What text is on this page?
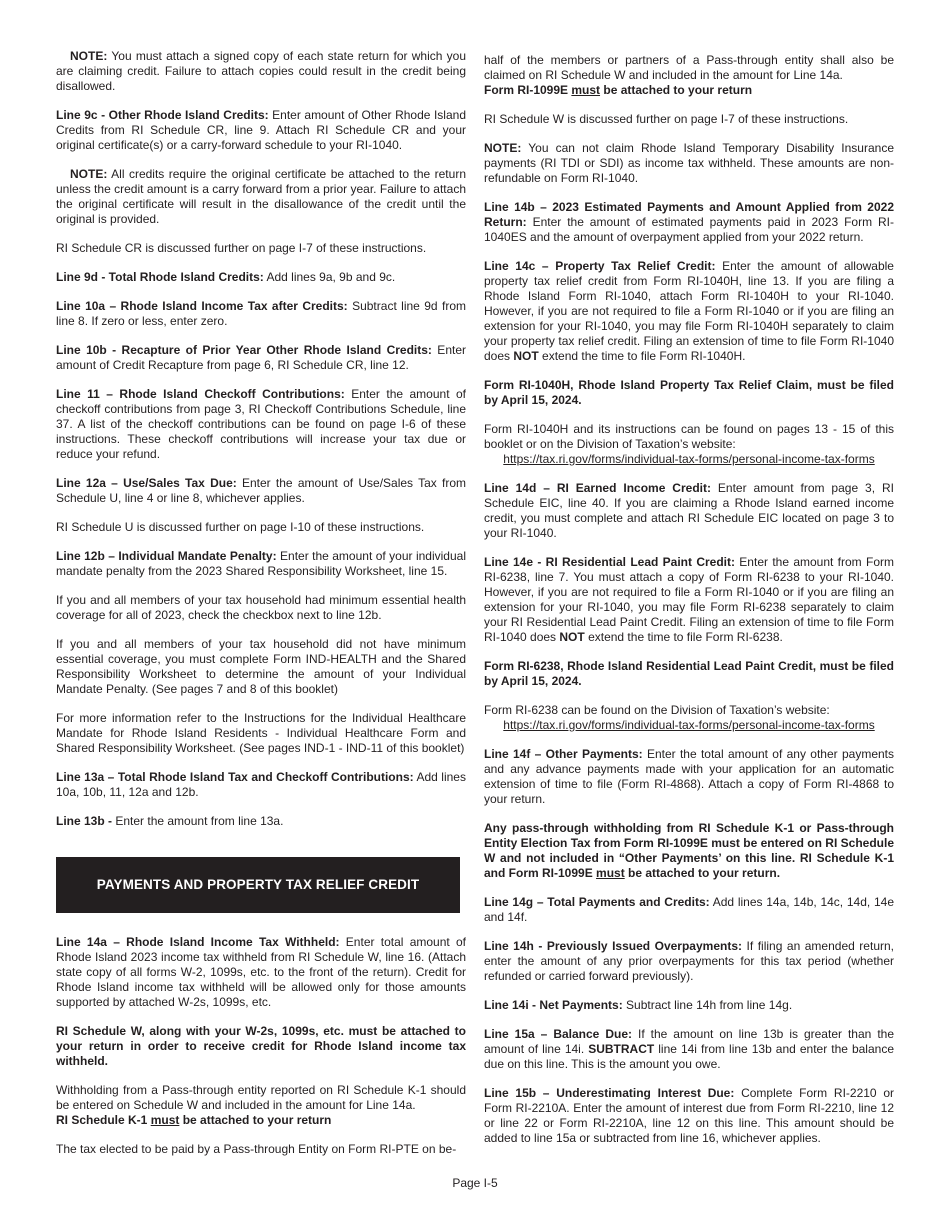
NOTE: You must attach a signed copy of each state return for which you are claiming credit. Failure to attach copies could result in the credit being disallowed.

Line 9c - Other Rhode Island Credits: Enter amount of Other Rhode Island Credits from RI Schedule CR, line 9. Attach RI Schedule CR and your original certificate(s) or a carry-forward schedule to your RI-1040.

NOTE: All credits require the original certificate be attached to the return unless the credit amount is a carry forward from a prior year. Failure to attach the original certificate will result in the disallowance of the credit until the original is provided.

RI Schedule CR is discussed further on page I-7 of these instructions.

Line 9d - Total Rhode Island Credits: Add lines 9a, 9b and 9c.

Line 10a – Rhode Island Income Tax after Credits: Subtract line 9d from line 8. If zero or less, enter zero.

Line 10b - Recapture of Prior Year Other Rhode Island Credits: Enter amount of Credit Recapture from page 6, RI Schedule CR, line 12.

Line 11 – Rhode Island Checkoff Contributions: Enter the amount of checkoff contributions from page 3, RI Checkoff Contributions Schedule, line 37. A list of the checkoff contributions can be found on page I-6 of these instructions. These checkoff contributions will increase your tax due or reduce your refund.

Line 12a – Use/Sales Tax Due: Enter the amount of Use/Sales Tax from Schedule U, line 4 or line 8, whichever applies.

RI Schedule U is discussed further on page I-10 of these instructions.

Line 12b – Individual Mandate Penalty: Enter the amount of your individual mandate penalty from the 2023 Shared Responsibility Worksheet, line 15.

If you and all members of your tax household had minimum essential health coverage for all of 2023, check the checkbox next to line 12b.

If you and all members of your tax household did not have minimum essential coverage, you must complete Form IND-HEALTH and the Shared Responsibility Worksheet to determine the amount of your Individual Mandate Penalty. (See pages 7 and 8 of this booklet)

For more information refer to the Instructions for the Individual Healthcare Mandate for Rhode Island Residents - Individual Healthcare Form and Shared Responsibility Worksheet. (See pages IND-1 - IND-11 of this booklet)

Line 13a – Total Rhode Island Tax and Checkoff Contributions: Add lines 10a, 10b, 11, 12a and 12b.

Line 13b - Enter the amount from line 13a.

PAYMENTS AND PROPERTY TAX RELIEF CREDIT

Line 14a – Rhode Island Income Tax Withheld: Enter total amount of Rhode Island 2023 income tax withheld from RI Schedule W, line 16. (Attach state copy of all forms W-2, 1099s, etc. to the front of the return). Credit for Rhode Island income tax withheld will be allowed only for those amounts supported by attached W-2s, 1099s, etc.

RI Schedule W, along with your W-2s, 1099s, etc. must be attached to your return in order to receive credit for Rhode Island income tax withheld.

Withholding from a Pass-through entity reported on RI Schedule K-1 should be entered on Schedule W and included in the amount for Line 14a.
RI Schedule K-1 must be attached to your return

The tax elected to be paid by a Pass-through Entity on Form RI-PTE on be-

half of the members or partners of a Pass-through entity shall also be claimed on RI Schedule W and included in the amount for Line 14a.
Form RI-1099E must be attached to your return

RI Schedule W is discussed further on page I-7 of these instructions.

NOTE: You can not claim Rhode Island Temporary Disability Insurance payments (RI TDI or SDI) as income tax withheld. These amounts are non-refundable on Form RI-1040.

Line 14b – 2023 Estimated Payments and Amount Applied from 2022 Return: Enter the amount of estimated payments paid in 2023 Form RI-1040ES and the amount of overpayment applied from your 2022 return.

Line 14c – Property Tax Relief Credit: Enter the amount of allowable property tax relief credit from Form RI-1040H, line 13. If you are filing a Rhode Island Form RI-1040, attach Form RI-1040H to your RI-1040. However, if you are not required to file a Form RI-1040 or if you are filing an extension for your RI-1040, you may file Form RI-1040H separately to claim your property tax relief credit. Filing an extension of time to file Form RI-1040 does NOT extend the time to file Form RI-1040H.

Form RI-1040H, Rhode Island Property Tax Relief Claim, must be filed by April 15, 2024.

Form RI-1040H and its instructions can be found on pages 13 - 15 of this booklet or on the Division of Taxation’s website:
https://tax.ri.gov/forms/individual-tax-forms/personal-income-tax-forms

Line 14d – RI Earned Income Credit: Enter amount from page 3, RI Schedule EIC, line 40. If you are claiming a Rhode Island earned income credit, you must complete and attach RI Schedule EIC located on page 3 to your RI-1040.

Line 14e - RI Residential Lead Paint Credit: Enter the amount from Form RI-6238, line 7. You must attach a copy of Form RI-6238 to your RI-1040. However, if you are not required to file a Form RI-1040 or if you are filing an extension for your RI-1040, you may file Form RI-6238 separately to claim your RI Residential Lead Paint Credit. Filing an extension of time to file Form RI-1040 does NOT extend the time to file Form RI-6238.

Form RI-6238, Rhode Island Residential Lead Paint Credit, must be filed by April 15, 2024.

Form RI-6238 can be found on the Division of Taxation’s website:
https://tax.ri.gov/forms/individual-tax-forms/personal-income-tax-forms

Line 14f – Other Payments: Enter the total amount of any other payments and any advance payments made with your application for an automatic extension of time to file (Form RI-4868). Attach a copy of Form RI-4868 to your return.

Any pass-through withholding from RI Schedule K-1 or Pass-through Entity Election Tax from Form RI-1099E must be entered on RI Schedule W and not included in “Other Payments’ on this line. RI Schedule K-1 and Form RI-1099E must be attached to your return.

Line 14g – Total Payments and Credits: Add lines 14a, 14b, 14c, 14d, 14e and 14f.

Line 14h - Previously Issued Overpayments: If filing an amended return, enter the amount of any prior overpayments for this tax period (whether refunded or carried forward previously).

Line 14i - Net Payments: Subtract line 14h from line 14g.

Line 15a – Balance Due: If the amount on line 13b is greater than the amount of line 14i. SUBTRACT line 14i from line 13b and enter the balance due on this line. This is the amount you owe.

Line 15b – Underestimating Interest Due: Complete Form RI-2210 or Form RI-2210A. Enter the amount of interest due from Form RI-2210, line 12 or line 22 or Form RI-2210A, line 12 on this line. This amount should be added to line 15a or subtracted from line 16, whichever applies.

Page I-5
